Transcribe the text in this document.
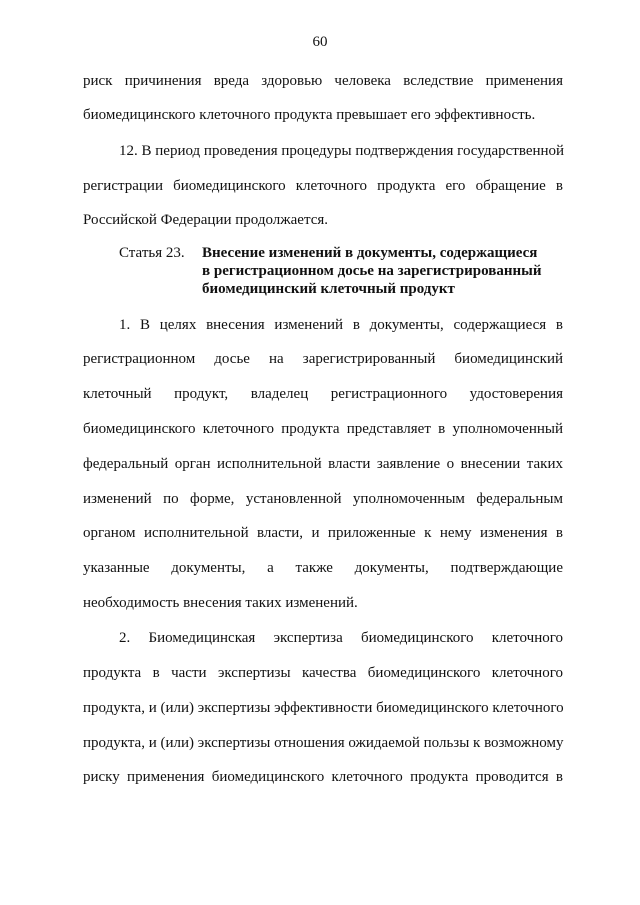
60
риск причинения вреда здоровью человека вследствие применения
биомедицинского клеточного продукта превышает его эффективность.
12. В период проведения процедуры подтверждения государственной
регистрации биомедицинского клеточного продукта его обращение в
Российской Федерации продолжается.
Статья 23. Внесение изменений в документы, содержащиеся
в регистрационном досье на зарегистрированный
биомедицинский клеточный продукт
1. В целях внесения изменений в документы, содержащиеся в
регистрационном досье на зарегистрированный биомедицинский
клеточный продукт, владелец регистрационного удостоверения
биомедицинского клеточного продукта представляет в уполномоченный
федеральный орган исполнительной власти заявление о внесении таких
изменений по форме, установленной уполномоченным федеральным
органом исполнительной власти, и приложенные к нему изменения в
указанные документы, а также документы, подтверждающие
необходимость внесения таких изменений.
2. Биомедицинская экспертиза биомедицинского клеточного
продукта в части экспертизы качества биомедицинского клеточного
продукта, и (или) экспертизы эффективности биомедицинского клеточного
продукта, и (или) экспертизы отношения ожидаемой пользы к возможному
риску применения биомедицинского клеточного продукта проводится в
